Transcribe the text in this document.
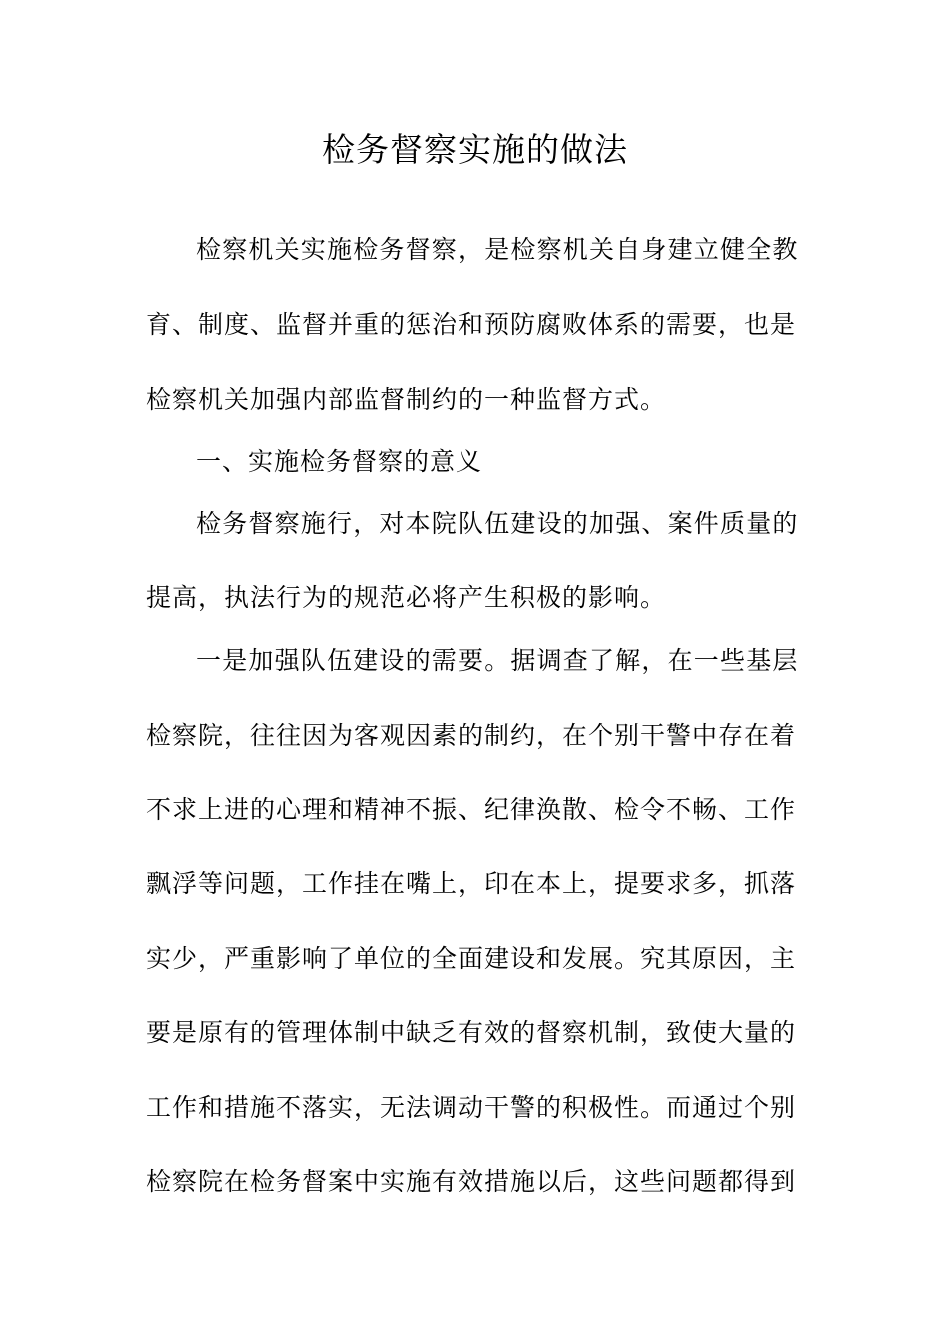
检务督察实施的做法
检察机关实施检务督察，是检察机关自身建立健全教
育、制度、监督并重的惩治和预防腐败体系的需要，也是
检察机关加强内部监督制约的一种监督方式。
一、实施检务督察的意义
检务督察施行，对本院队伍建设的加强、案件质量的
提高，执法行为的规范必将产生积极的影响。
一是加强队伍建设的需要。据调查了解，在一些基层
检察院，往往因为客观因素的制约，在个别干警中存在着
不求上进的心理和精神不振、纪律涣散、检令不畅、工作
飘浮等问题，工作挂在嘴上，印在本上，提要求多，抓落
实少，严重影响了单位的全面建设和发展。究其原因，主
要是原有的管理体制中缺乏有效的督察机制，致使大量的
工作和措施不落实，无法调动干警的积极性。而通过个别
检察院在检务督案中实施有效措施以后，这些问题都得到
